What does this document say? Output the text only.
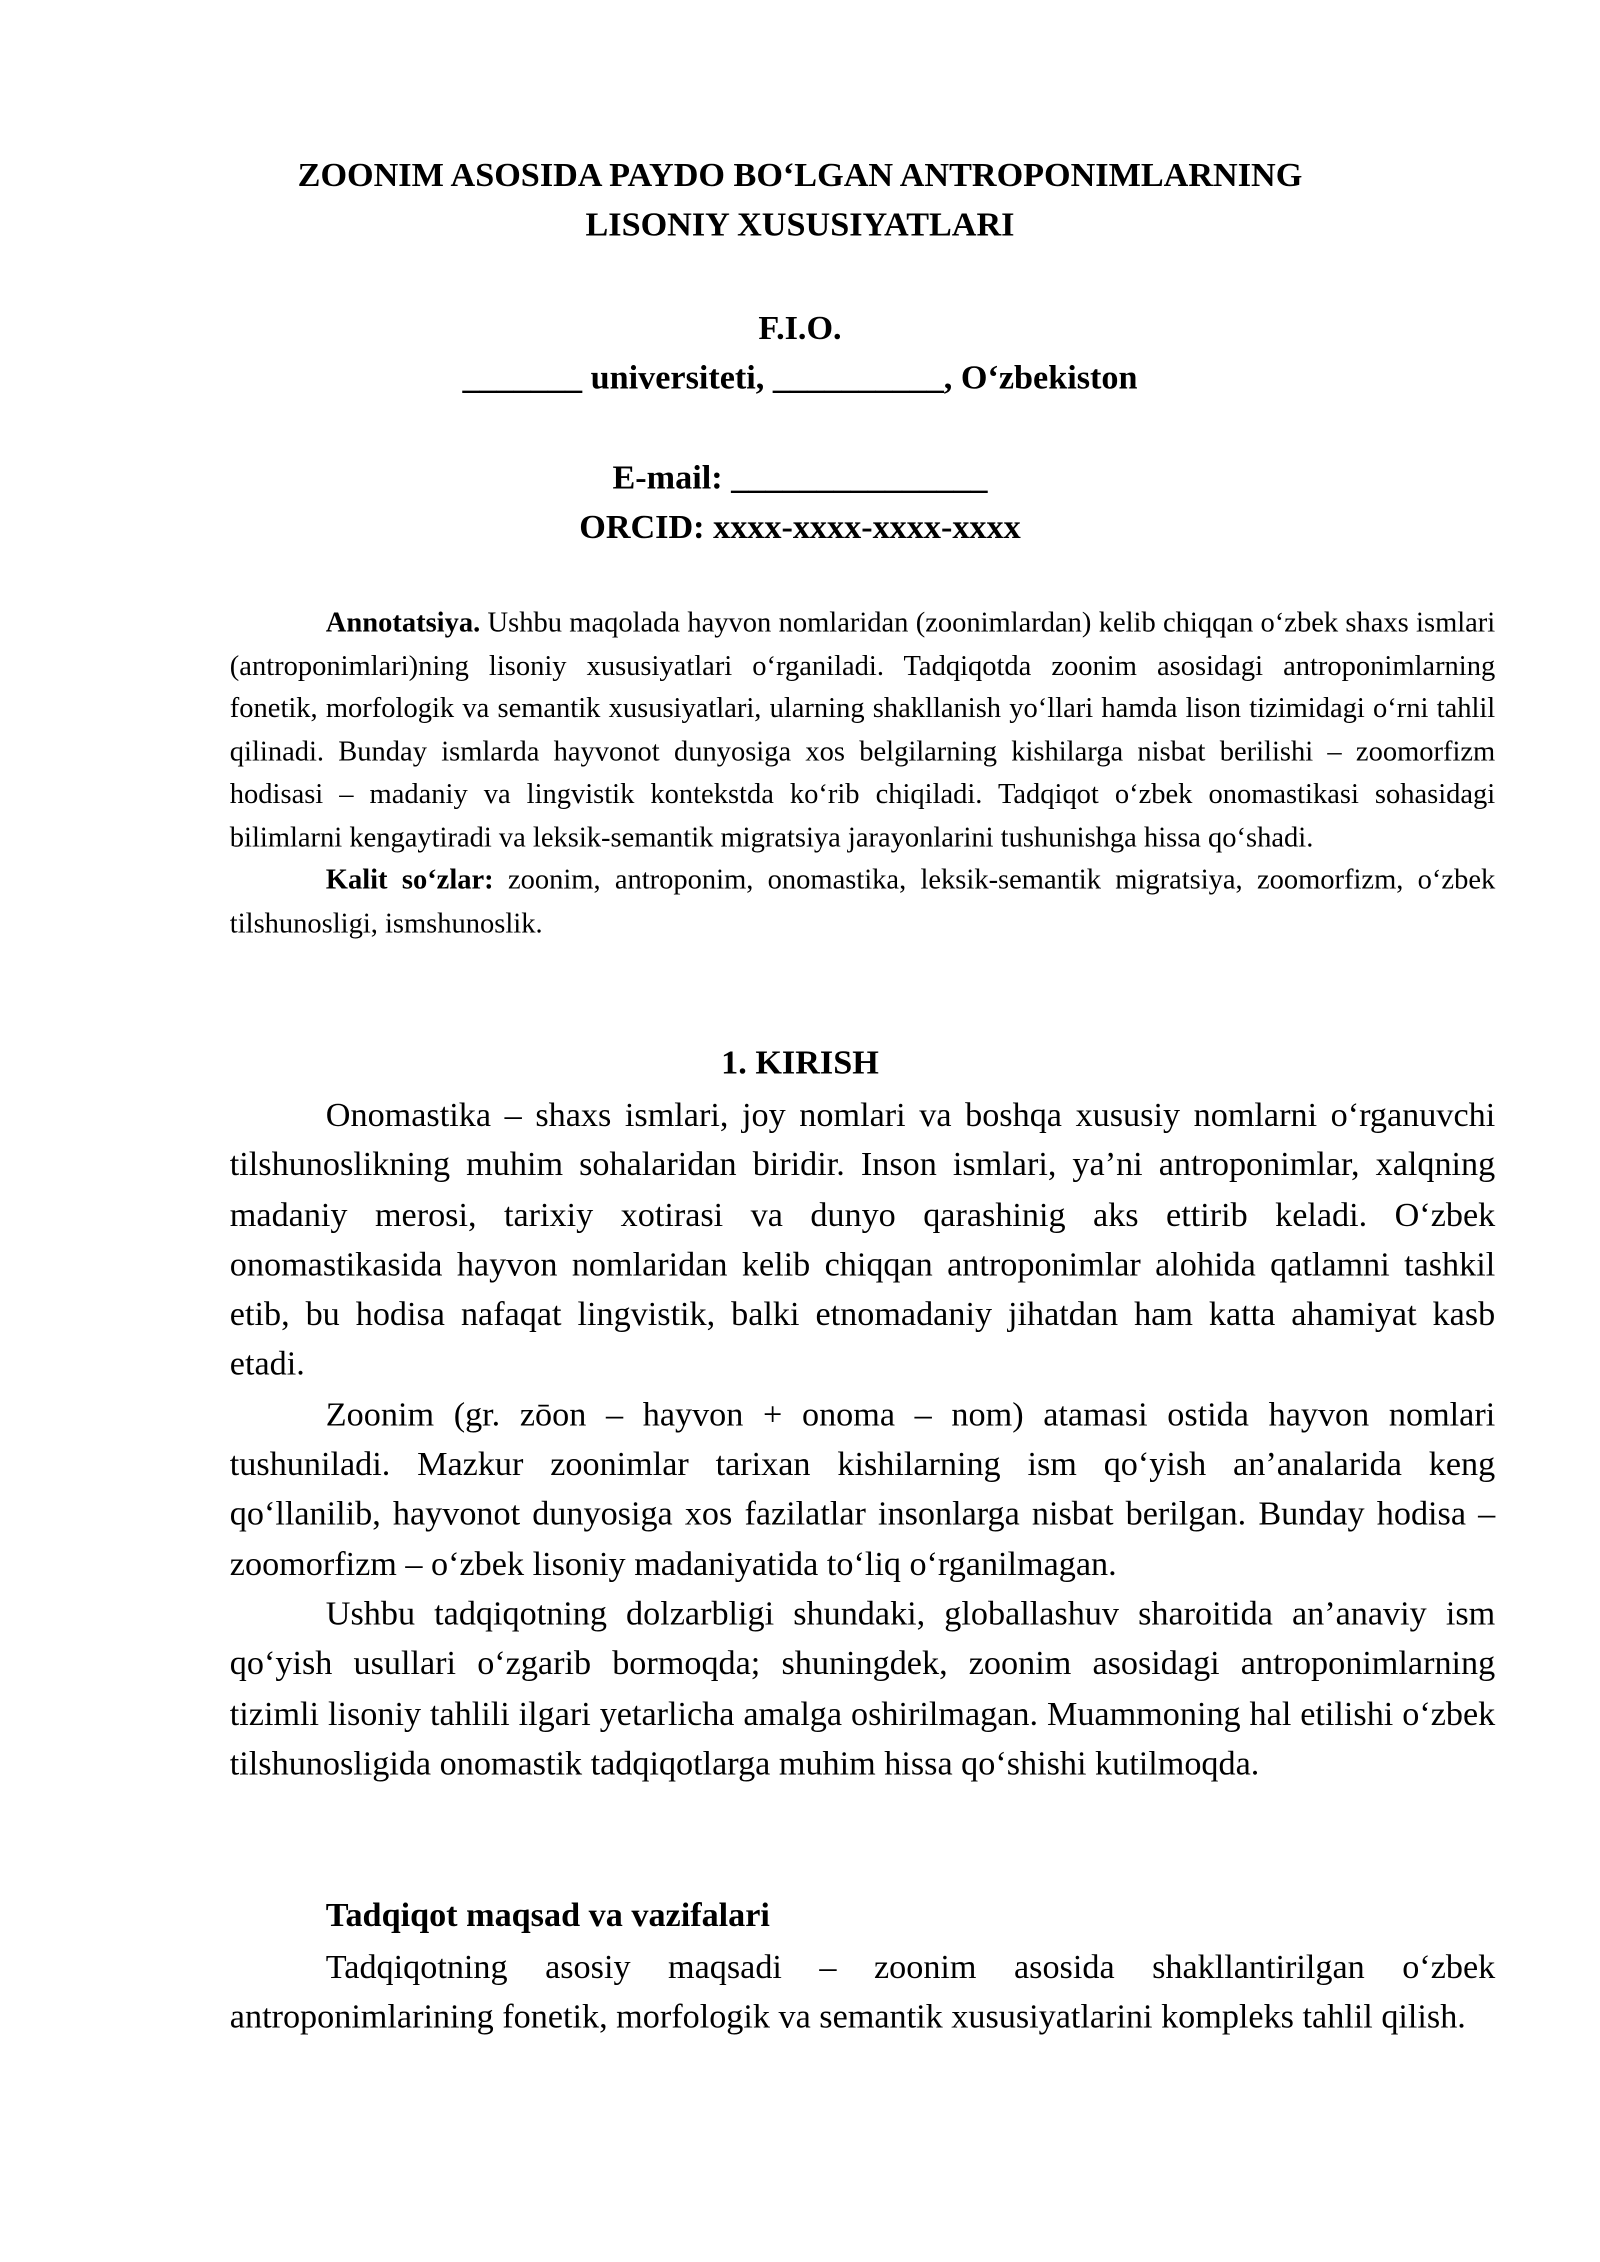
ZOONIM ASOSIDA PAYDO BO‘LGAN ANTROPONIMLARNING
LISONIY XUSUSIYATLARI
F.I.O.
_______ universiteti, __________, O‘zbekiston
E-mail: _______________
ORCID: xxxx-xxxx-xxxx-xxxx

Annotatsiya. Ushbu maqolada hayvon nomlaridan (zoonimlardan) kelib chiqqan o‘zbek shaxs ismlari (antroponimlari)ning lisoniy xususiyatlari o‘rganiladi. Tadqiqotda zoonim asosidagi antroponimlarning fonetik, morfologik va semantik xususiyatlari, ularning shakllanish yo‘llari hamda lison tizimidagi o‘rni tahlil qilinadi. Bunday ismlarda hayvonot dunyosiga xos belgilarning kishilarga nisbat berilishi – zoomorfizm hodisasi – madaniy va lingvistik kontekstda ko‘rib chiqiladi. Tadqiqot o‘zbek onomastikasi sohasidagi bilimlarni kengaytiradi va leksik-semantik migratsiya jarayonlarini tushunishga hissa qo‘shadi.

Kalit so‘zlar: zoonim, antroponim, onomastika, leksik-semantik migratsiya, zoomorfizm, o‘zbek tilshunosligi, ismshunoslik.

1. KIRISH

Onomastika – shaxs ismlari, joy nomlari va boshqa xususiy nomlarni o‘rganuvchi tilshunoslikning muhim sohalaridan biridir. Inson ismlari, ya’ni antroponimlar, xalqning madaniy merosi, tarixiy xotirasi va dunyo qarashinig aks ettirib keladi. O‘zbek onomastikasida hayvon nomlaridan kelib chiqqan antroponimlar alohida qatlamni tashkil etib, bu hodisa nafaqat lingvistik, balki etnomadaniy jihatdan ham katta ahamiyat kasb etadi.

Zoonim (gr. zōon – hayvon + onoma – nom) atamasi ostida hayvon nomlari tushuniladi. Mazkur zoonimlar tarixan kishilarning ism qo‘yish an’analarida keng qo‘llanilib, hayvonot dunyosiga xos fazilatlar insonlarga nisbat berilgan. Bunday hodisa – zoomorfizm – o‘zbek lisoniy madaniyatida to‘liq o‘rganilmagan.

Ushbu tadqiqotning dolzarbligi shundaki, globallashuv sharoitida an’anaviy ism qo‘yish usullari o‘zgarib bormoqda; shuningdek, zoonim asosidagi antroponimlarning tizimli lisoniy tahlili ilgari yetarlicha amalga oshirilmagan. Muammoning hal etilishi o‘zbek tilshunosligida onomastik tadqiqotlarga muhim hissa qo‘shishi kutilmoqda.

Tadqiqot maqsad va vazifalari

Tadqiqotning asosiy maqsadi – zoonim asosida shakllantirilgan o‘zbek antroponimlarining fonetik, morfologik va semantik xususiyatlarini kompleks tahlil qilish.
